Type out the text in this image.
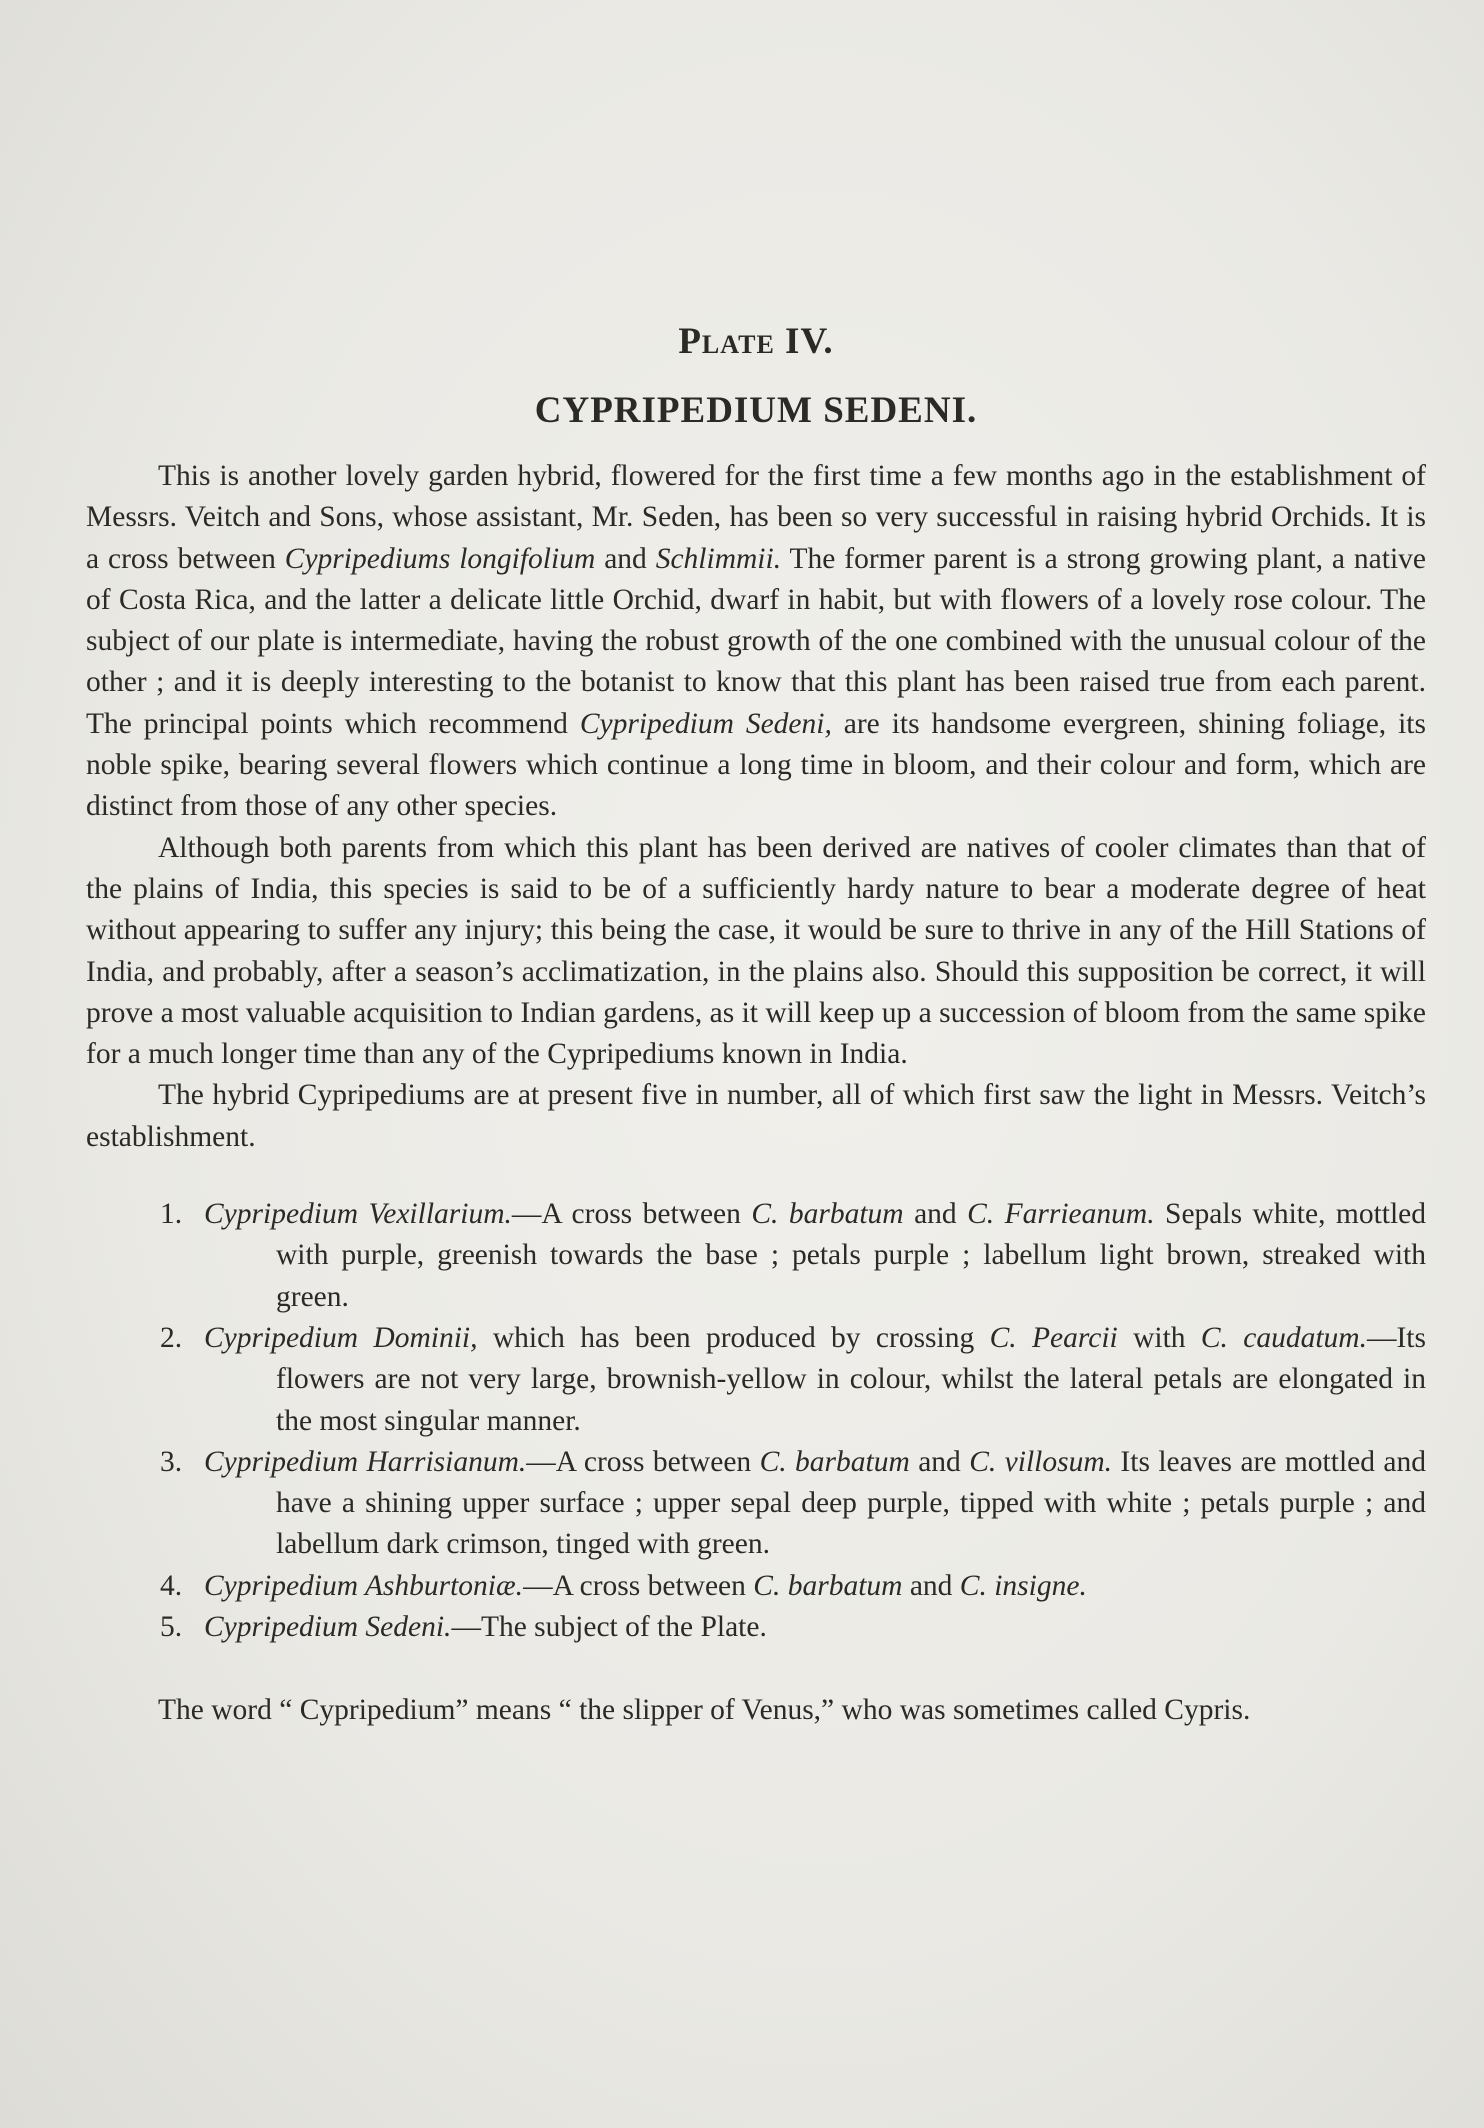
Plate IV.
CYPRIPEDIUM SEDENI.

This is another lovely garden hybrid, flowered for the first time a few months ago in the establishment of Messrs. Veitch and Sons, whose assistant, Mr. Seden, has been so very successful in raising hybrid Orchids. It is a cross between Cypripediums longifolium and Schlimmii. The former parent is a strong growing plant, a native of Costa Rica, and the latter a delicate little Orchid, dwarf in habit, but with flowers of a lovely rose colour. The subject of our plate is intermediate, having the robust growth of the one combined with the unusual colour of the other ; and it is deeply interesting to the botanist to know that this plant has been raised true from each parent. The principal points which recommend Cypripedium Sedeni, are its handsome evergreen, shining foliage, its noble spike, bearing several flowers which continue a long time in bloom, and their colour and form, which are distinct from those of any other species.

Although both parents from which this plant has been derived are natives of cooler climates than that of the plains of India, this species is said to be of a sufficiently hardy nature to bear a moderate degree of heat without appearing to suffer any injury; this being the case, it would be sure to thrive in any of the Hill Stations of India, and probably, after a season’s acclimatization, in the plains also. Should this supposition be correct, it will prove a most valuable acquisition to Indian gardens, as it will keep up a succession of bloom from the same spike for a much longer time than any of the Cypripediums known in India.

The hybrid Cypripediums are at present five in number, all of which first saw the light in Messrs. Veitch’s establishment.

1. Cypripedium Vexillarium.—A cross between C. barbatum and C. Farrieanum. Sepals white, mottled with purple, greenish towards the base ; petals purple ; labellum light brown, streaked with green.
2. Cypripedium Dominii, which has been produced by crossing C. Pearcii with C. caudatum.—Its flowers are not very large, brownish-yellow in colour, whilst the lateral petals are elongated in the most singular manner.
3. Cypripedium Harrisianum.—A cross between C. barbatum and C. villosum. Its leaves are mottled and have a shining upper surface ; upper sepal deep purple, tipped with white ; petals purple ; and labellum dark crimson, tinged with green.
4. Cypripedium Ashburtoniæ.—A cross between C. barbatum and C. insigne.
5. Cypripedium Sedeni.—The subject of the Plate.

The word “ Cypripedium” means “ the slipper of Venus,” who was sometimes called Cypris.
